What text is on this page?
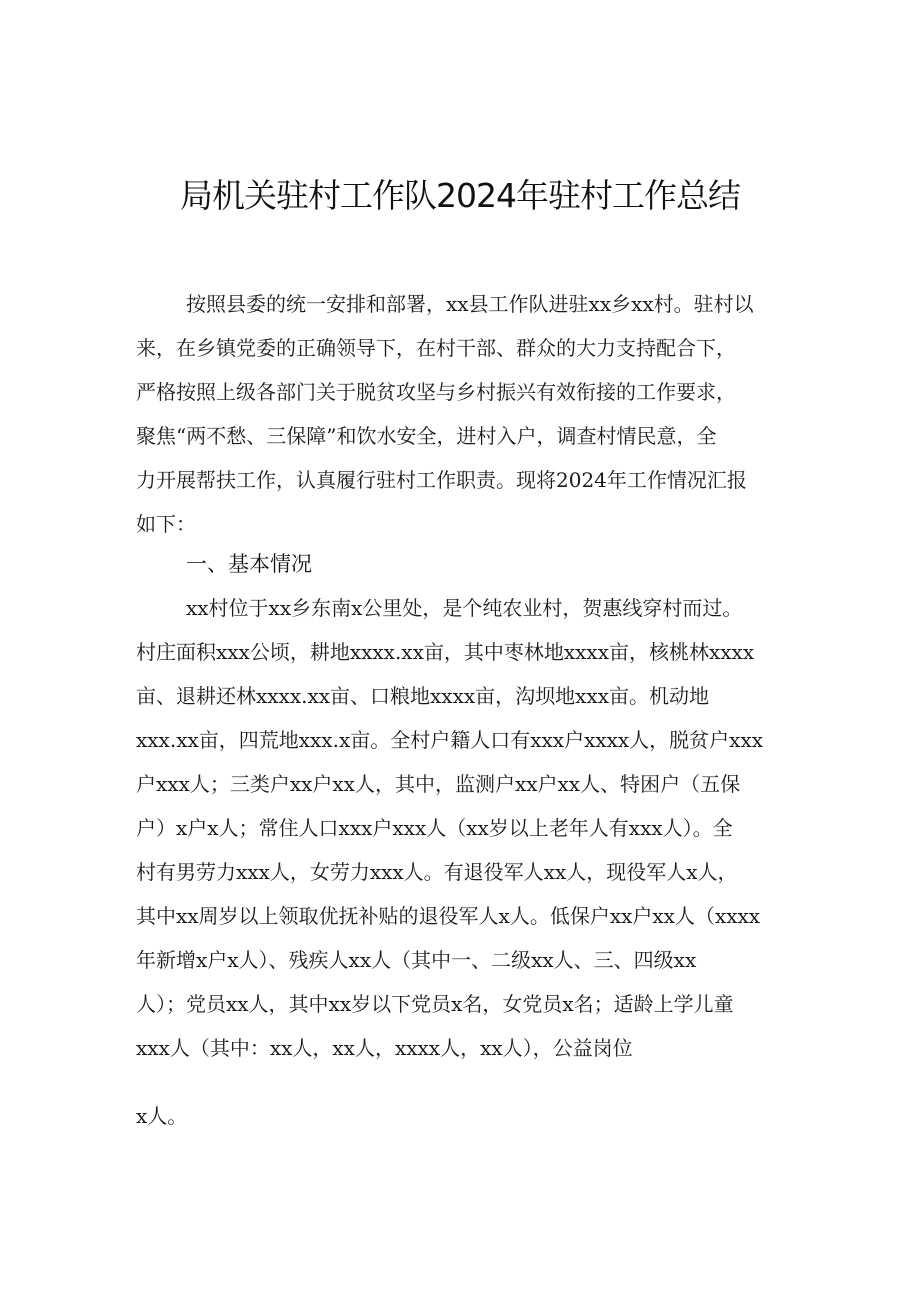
局机关驻村工作队2024年驻村工作总结
按照县委的统一安排和部署，xx县工作队进驻xx乡xx村。驻村以
来，在乡镇党委的正确领导下，在村干部、群众的大力支持配合下，
严格按照上级各部门关于脱贫攻坚与乡村振兴有效衔接的工作要求，
聚焦“两不愁、三保障”和饮水安全，进村入户，调查村情民意，全
力开展帮扶工作，认真履行驻村工作职责。现将2024年工作情况汇报
如下：
一、基本情况
xx村位于xx乡东南x公里处，是个纯农业村，贺惠线穿村而过。
村庄面积xxx公顷，耕地xxxx.xx亩，其中枣林地xxxx亩，核桃林xxxx
亩、退耕还林xxxx.xx亩、口粮地xxxx亩，沟坝地xxx亩。机动地
xxx.xx亩，四荒地xxx.x亩。全村户籍人口有xxx户xxxx人，脱贫户xxx
户xxx人；三类户xx户xx人，其中，监测户xx户xx人、特困户（五保
户）x户x人；常住人口xxx户xxx人（xx岁以上老年人有xxx人）。全
村有男劳力xxx人，女劳力xxx人。有退役军人xx人，现役军人x人，
其中xx周岁以上领取优抚补贴的退役军人x人。低保户xx户xx人（xxxx
年新增x户x人）、残疾人xx人（其中一、二级xx人、三、四级xx
人）；党员xx人，其中xx岁以下党员x名，女党员x名；适龄上学儿童
xxx人（其中：xx人，xx人，xxxx人，xx人），公益岗位

x人。
